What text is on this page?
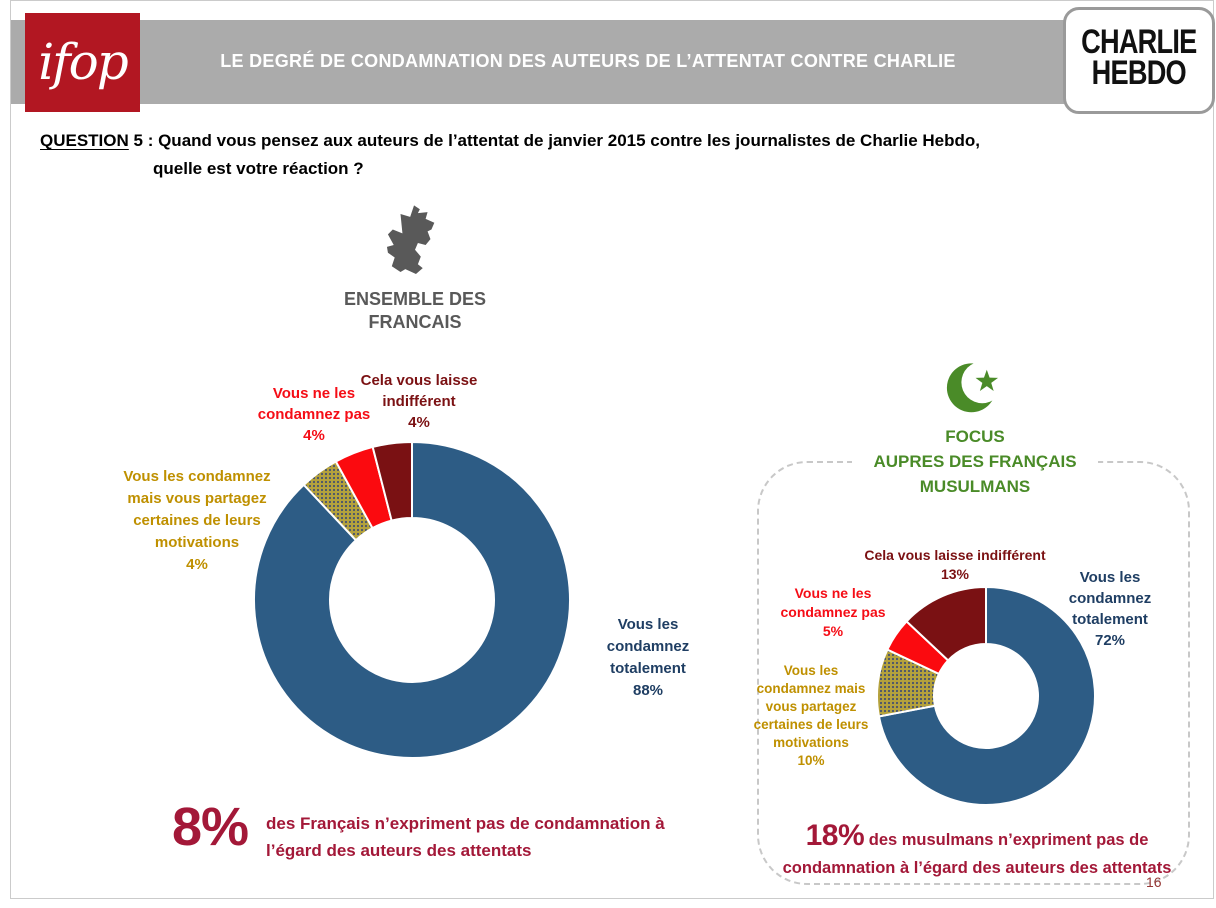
ifop	LE DEGRÉ DE CONDAMNATION DES AUTEURS DE L’ATTENTAT CONTRE CHARLIE	CHARLIE
HEBDO
QUESTION 5 : Quand vous pensez aux auteurs de l’attentat de janvier 2015 contre les journalistes de Charlie Hebdo,
quelle est votre réaction ?
ENSEMBLE DES
FRANCAIS
Vous les
condamnez
totalement
88%
Vous les condamnez
mais vous partagez
certaines de leurs
motivations
4%
Vous ne les
condamnez pas
4%
Cela vous laisse
indifférent
4%
8% des Français n’expriment pas de condamnation à
l’égard des auteurs des attentats
FOCUS
AUPRES DES FRANÇAIS
MUSULMANS
Vous les
condamnez
totalement
72%
Vous les
condamnez mais
vous partagez
certaines de leurs
motivations
10%
Vous ne les
condamnez pas
5%
Cela vous laisse indifférent
13%
18% des musulmans n’expriment pas de
condamnation à l’égard des auteurs des attentats
16
